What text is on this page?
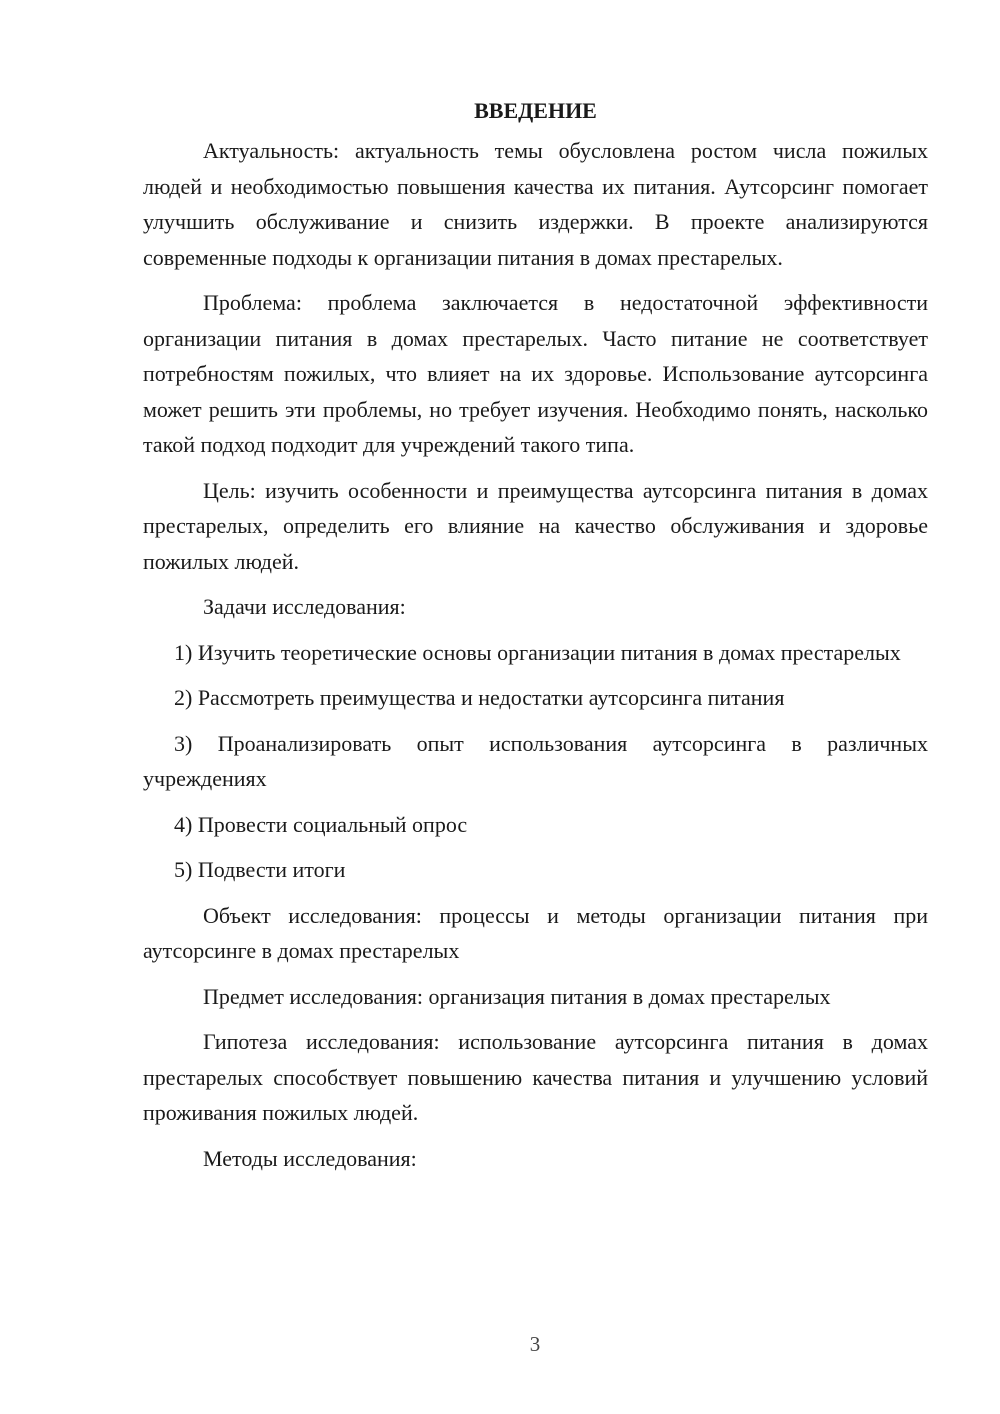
ВВЕДЕНИЕ

Актуальность: актуальность темы обусловлена ростом числа пожилых людей и необходимостью повышения качества их питания. Аутсорсинг помогает улучшить обслуживание и снизить издержки. В проекте анализируются современные подходы к организации питания в домах престарелых.

Проблема: проблема заключается в недостаточной эффективности организации питания в домах престарелых. Часто питание не соответствует потребностям пожилых, что влияет на их здоровье. Использование аутсорсинга может решить эти проблемы, но требует изучения. Необходимо понять, насколько такой подход подходит для учреждений такого типа.

Цель: изучить особенности и преимущества аутсорсинга питания в домах престарелых, определить его влияние на качество обслуживания и здоровье пожилых людей.

Задачи исследования:

1) Изучить теоретические основы организации питания в домах престарелых

2) Рассмотреть преимущества и недостатки аутсорсинга питания

3) Проанализировать опыт использования аутсорсинга в различных учреждениях

4) Провести социальный опрос

5) Подвести итоги

Объект исследования: процессы и методы организации питания при аутсорсинге в домах престарелых

Предмет исследования: организация питания в домах престарелых

Гипотеза исследования: использование аутсорсинга питания в домах престарелых способствует повышению качества питания и улучшению условий проживания пожилых людей.

Методы исследования:

3
